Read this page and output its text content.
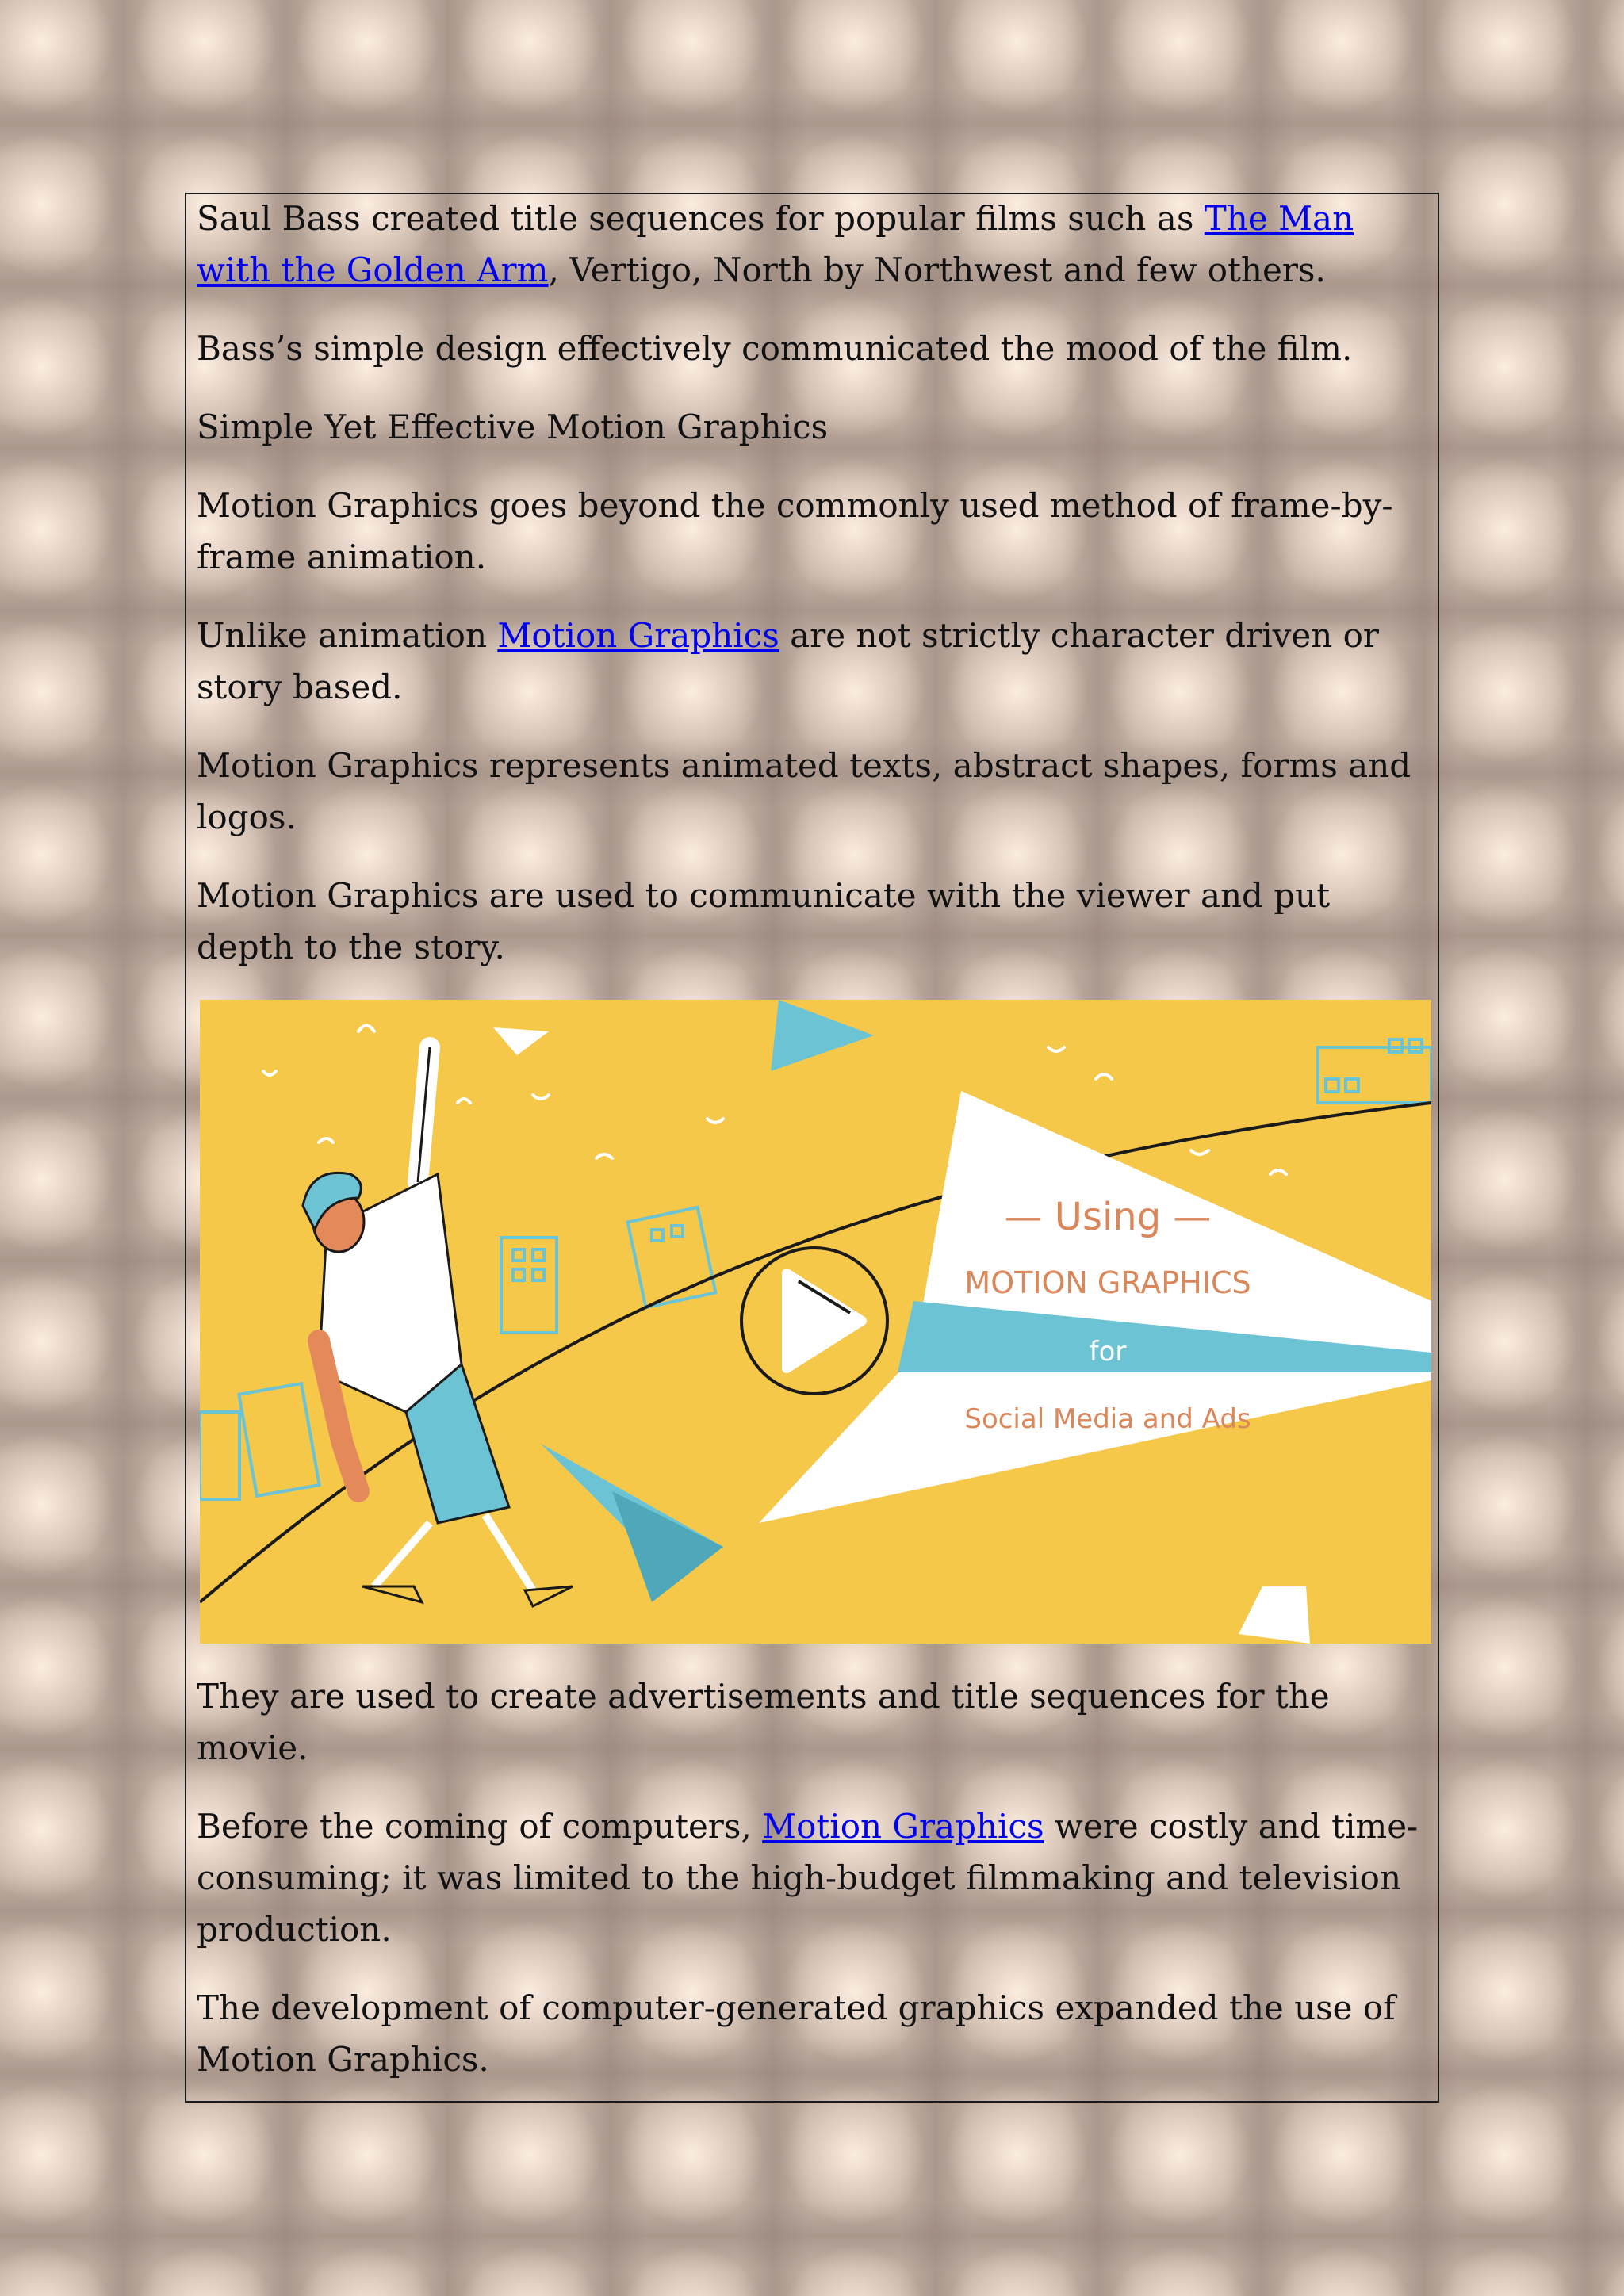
Saul Bass created title sequences for popular films such as The Man with the Golden Arm, Vertigo, North by Northwest and few others.

Bass’s simple design effectively communicated the mood of the film.

Simple Yet Effective Motion Graphics

Motion Graphics goes beyond the commonly used method of frame-by-frame animation.

Unlike animation Motion Graphics are not strictly character driven or story based.

Motion Graphics represents animated texts, abstract shapes, forms and logos.

Motion Graphics are used to communicate with the viewer and put depth to the story.

— Using —
MOTION GRAPHICS
for
Social Media and Ads

They are used to create advertisements and title sequences for the movie.

Before the coming of computers, Motion Graphics were costly and time-consuming; it was limited to the high-budget filmmaking and television production.

The development of computer-generated graphics expanded the use of Motion Graphics.
